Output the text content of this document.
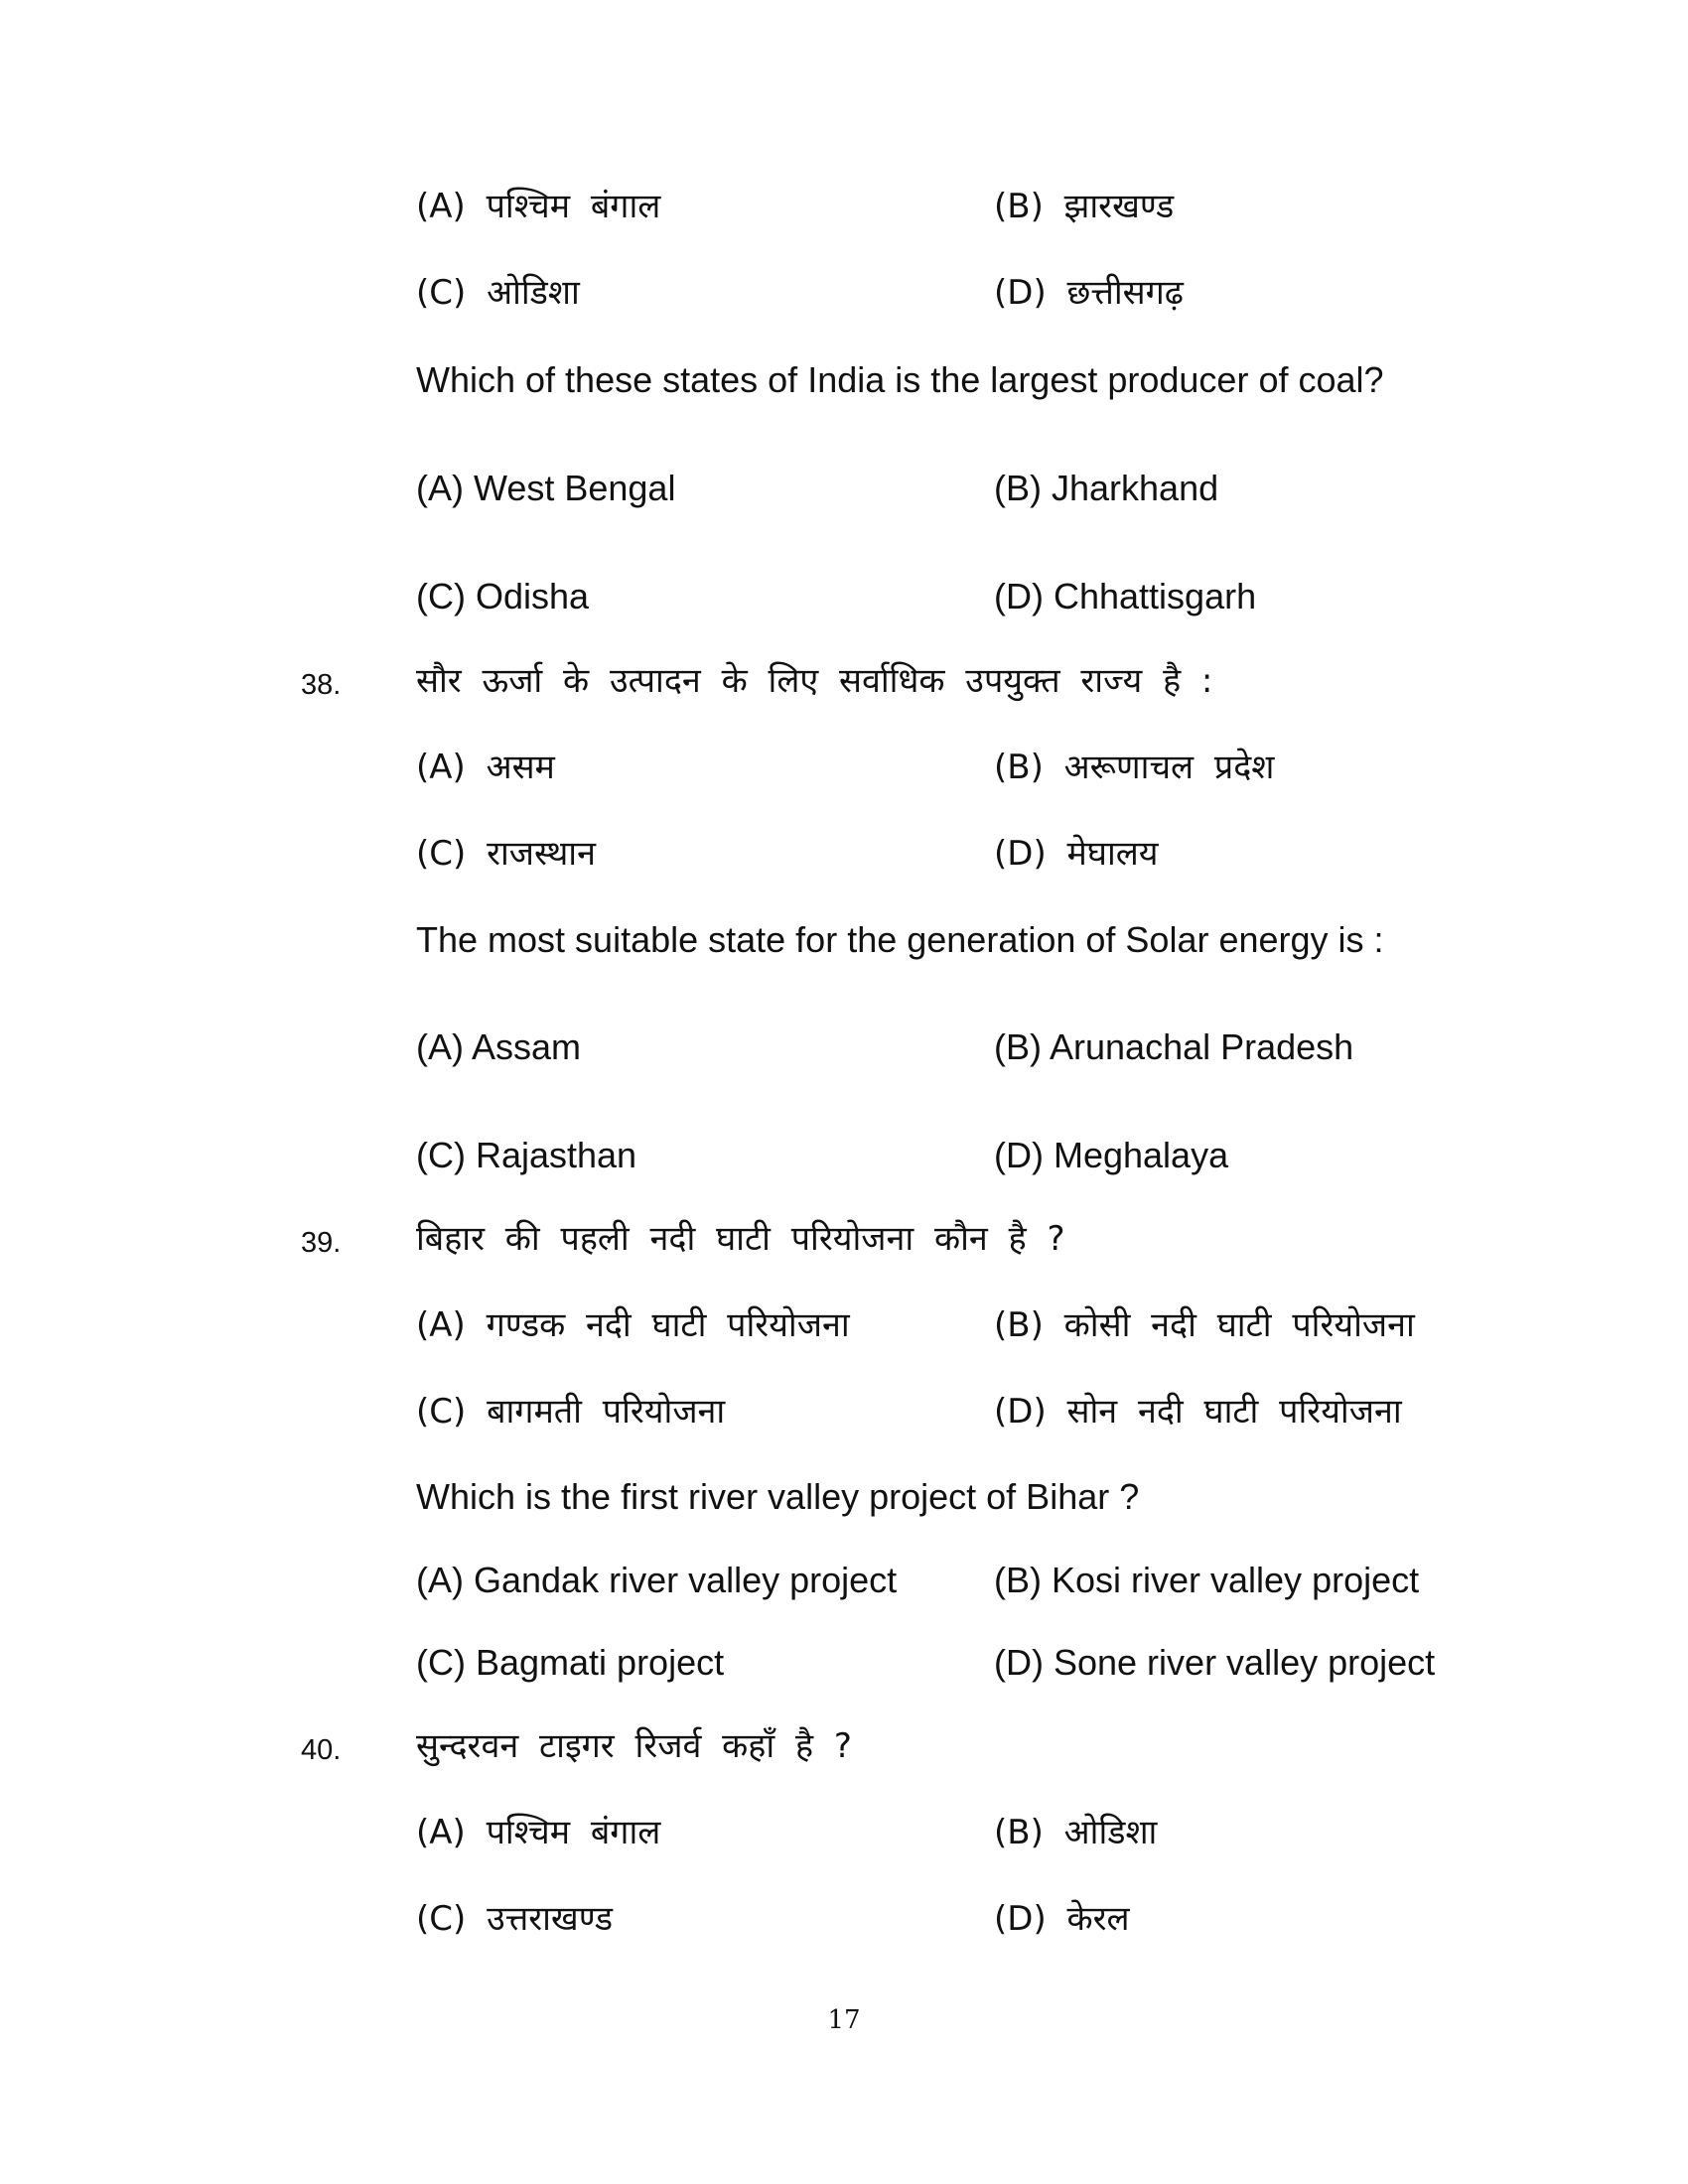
(A) पश्चिम बंगाल	(B) झारखण्ड
(C) ओडिशा	(D) छत्तीसगढ़
Which of these states of India is the largest producer of coal?
(A) West Bengal	(B) Jharkhand
(C) Odisha	(D) Chhattisgarh
38. सौर ऊर्जा के उत्पादन के लिए सर्वाधिक उपयुक्त राज्य है :
(A) असम	(B) अरूणाचल प्रदेश
(C) राजस्थान	(D) मेघालय
The most suitable state for the generation of Solar energy is :
(A) Assam	(B) Arunachal Pradesh
(C) Rajasthan	(D) Meghalaya
39. बिहार की पहली नदी घाटी परियोजना कौन है ?
(A) गण्डक नदी घाटी परियोजना	(B) कोसी नदी घाटी परियोजना
(C) बागमती परियोजना	(D) सोन नदी घाटी परियोजना
Which is the first river valley project of Bihar ?
(A) Gandak river valley project	(B) Kosi river valley project
(C) Bagmati project	(D) Sone river valley project
40. सुन्दरवन टाइगर रिजर्व कहाँ है ?
(A) पश्चिम बंगाल	(B) ओडिशा
(C) उत्तराखण्ड	(D) केरल
17
